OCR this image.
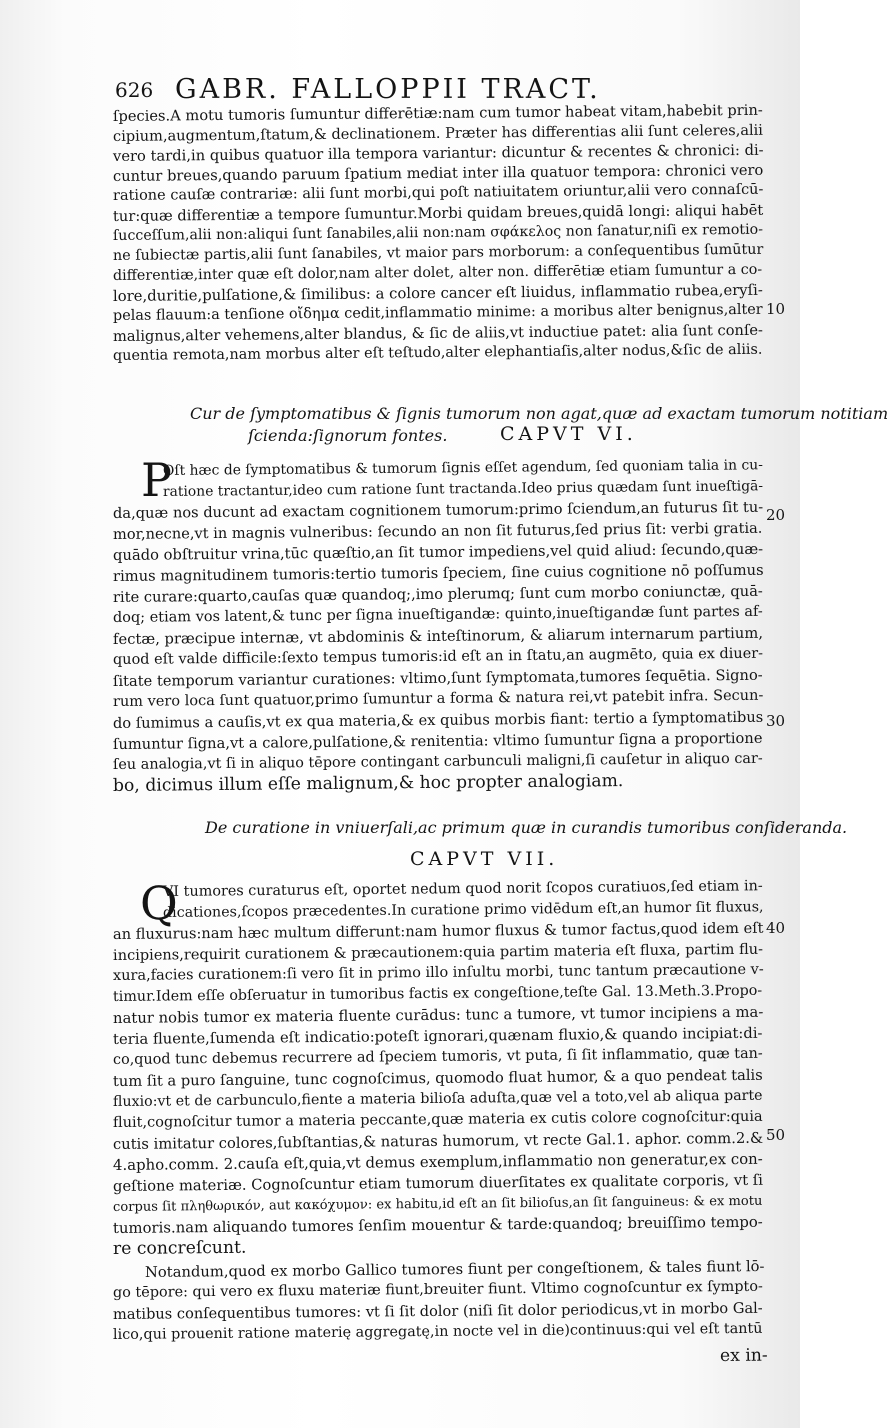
626 GABR. FALLOPPII TRACT.
ſpecies.A motu tumoris ſumuntur differētiæ:nam cum tumor habeat vitam,habebit prin-
cipium,augmentum,ſtatum,& declinationem. Præter has differentias alii ſunt celeres,alii
vero tardi,in quibus quatuor illa tempora variantur: dicuntur & recentes & chronici: di-
cuntur breues,quando paruum ſpatium mediat inter illa quatuor tempora: chronici vero
ratione cauſæ contrariæ: alii ſunt morbi,qui poſt natiuitatem oriuntur,alii vero connaſcū-
tur:quæ differentiæ a tempore ſumuntur.Morbi quidam breues,quidā longi: aliqui habēt
ſucceſſum,alii non:aliqui ſunt ſanabiles,alii non:nam σφάκελος non ſanatur,niſi ex remotio-
ne ſubiectæ partis,alii ſunt ſanabiles, vt maior pars morborum: a conſequentibus ſumūtur
differentiæ,inter quæ eſt dolor,nam alter dolet, alter non. differētiæ etiam ſumuntur a co-
lore,duritie,pulſatione,& ſimilibus: a colore cancer eſt liuidus, inflammatio rubea,eryſi-
pelas flauum:a tenſione οἴδημα cedit,inflammatio minime: a moribus alter benignus,alter
malignus,alter vehemens,alter blandus, & ſic de aliis,vt inductiue patet: alia ſunt conſe-
quentia remota,nam morbus alter eſt teſtudo,alter elephantiaſis,alter nodus,&ſic de aliis.
Cur de ſymptomatibus & ſignis tumorum non agat,quæ ad exactam tumorum notitiam
ſcienda:ſignorum fontes.	CAPVT VI.
P
Oſt hæc de ſymptomatibus & tumorum ſignis eſſet agendum, ſed quoniam talia in cu-
ratione tractantur,ideo cum ratione ſunt tractanda.Ideo prius quædam ſunt inueſtigā-
da,quæ nos ducunt ad exactam cognitionem tumorum:primo ſciendum,an futurus ſit tu-
mor,necne,vt in magnis vulneribus: ſecundo an non ſit futurus,ſed prius ſit: verbi gratia.
quādo obſtruitur vrina,tūc quæſtio,an ſit tumor impediens,vel quid aliud: ſecundo,quæ-
rimus magnitudinem tumoris:tertio tumoris ſpeciem, ſine cuius cognitione nō poſſumus
rite curare:quarto,cauſas quæ quandoq;,imo plerumq; ſunt cum morbo coniunctæ, quā-
doq; etiam vos latent,& tunc per ſigna inueſtigandæ: quinto,inueſtigandæ ſunt partes af-
fectæ, præcipue internæ, vt abdominis & inteſtinorum, & aliarum internarum partium,
quod eſt valde difficile:ſexto tempus tumoris:id eſt an in ſtatu,an augmēto, quia ex diuer-
ſitate temporum variantur curationes: vltimo,ſunt ſymptomata,tumores ſequētia. Signo-
rum vero loca ſunt quatuor,primo ſumuntur a forma & natura rei,vt patebit infra. Secun-
do ſumimus a cauſis,vt ex qua materia,& ex quibus morbis fiant: tertio a ſymptomatibus
ſumuntur ſigna,vt a calore,pulſatione,& renitentia: vltimo ſumuntur ſigna a proportione
ſeu analogia,vt ſi in aliquo tēpore contingant carbunculi maligni,ſi cauſetur in aliquo car-
bo, dicimus illum eſſe malignum,& hoc propter analogiam.
De curatione in vniuerſali,ac primum quæ in curandis tumoribus conſideranda.
CAPVT VII.
Q
VI tumores curaturus eſt, oportet nedum quod norit ſcopos curatiuos,ſed etiam in-
dicationes,ſcopos præcedentes.In curatione primo vidēdum eſt,an humor ſit fluxus,
an fluxurus:nam hæc multum differunt:nam humor fluxus & tumor factus,quod idem eſt
incipiens,requirit curationem & præcautionem:quia partim materia eſt fluxa, partim flu-
xura,facies curationem:ſi vero ſit in primo illo inſultu morbi, tunc tantum præcautione v-
timur.Idem eſſe obſeruatur in tumoribus factis ex congeſtione,teſte Gal. 13.Meth.3.Propo-
natur nobis tumor ex materia fluente curādus: tunc a tumore, vt tumor incipiens a ma-
teria fluente,ſumenda eſt indicatio:poteſt ignorari,quænam fluxio,& quando incipiat:di-
co,quod tunc debemus recurrere ad ſpeciem tumoris, vt puta, ſi ſit inflammatio, quæ tan-
tum ſit a puro ſanguine, tunc cognoſcimus, quomodo fluat humor, & a quo pendeat talis
fluxio:vt et de carbunculo,fiente a materia bilioſa aduſta,quæ vel a toto,vel ab aliqua parte
fluit,cognoſcitur tumor a materia peccante,quæ materia ex cutis colore cognoſcitur:quia
cutis imitatur colores,ſubſtantias,& naturas humorum, vt recte Gal.1. aphor. comm.2.&
4.apho.comm. 2.cauſa eſt,quia,vt demus exemplum,inflammatio non generatur,ex con-
geſtione materiæ. Cognoſcuntur etiam tumorum diuerſitates ex qualitate corporis, vt ſi
corpus ſit πληθωρικόν, aut κακόχυμον: ex habitu,id eſt an ſit bilioſus,an ſit ſanguineus: & ex motu
tumoris.nam aliquando tumores ſenſim mouentur & tarde:quandoq; breuiſſimo tempo-
re concreſcunt.
Notandum,quod ex morbo Gallico tumores fiunt per congeſtionem, & tales fiunt lō-
go tēpore: qui vero ex fluxu materiæ fiunt,breuiter fiunt. Vltimo cognoſcuntur ex ſympto-
matibus conſequentibus tumores: vt ſi ſit dolor (niſi ſit dolor periodicus,vt in morbo Gal-
lico,qui prouenit ratione materię aggregatę,in nocte vel in die)continuus:qui vel eſt tantū
ex in-
10
20
30
40
50
